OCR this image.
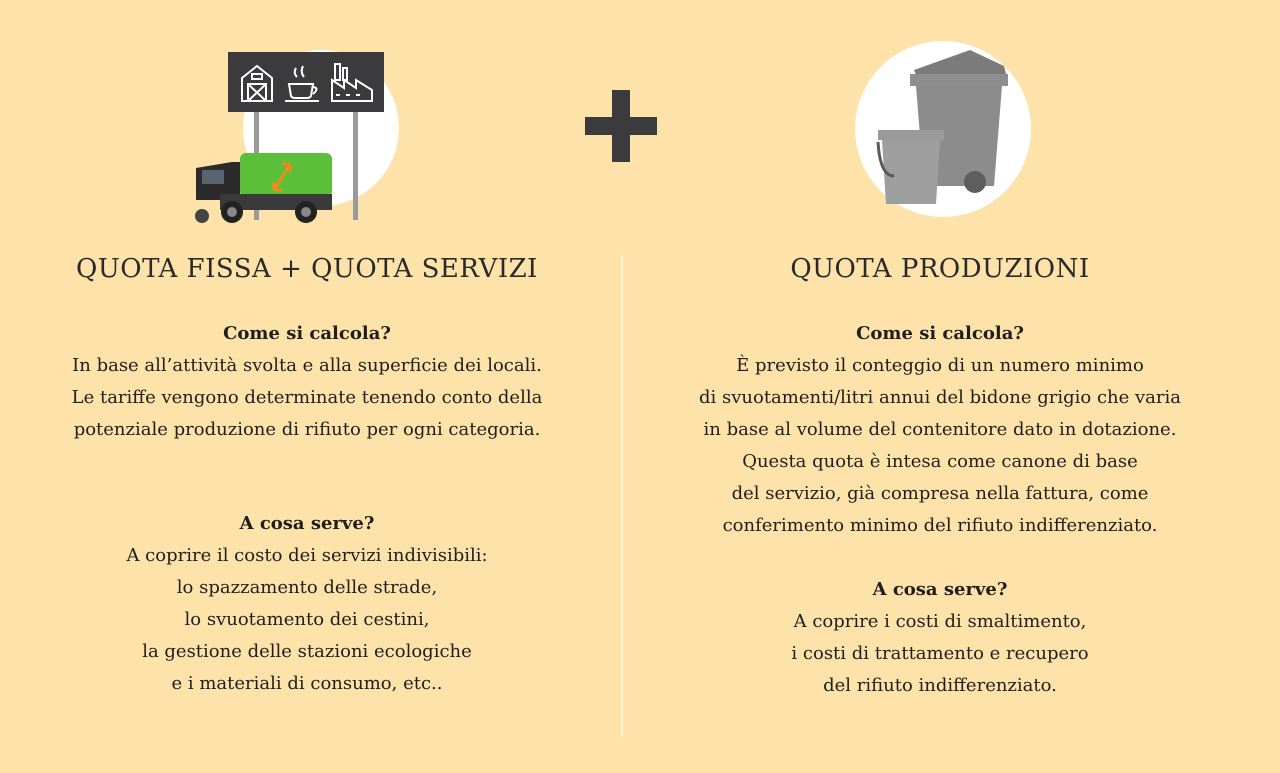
QUOTA FISSA + QUOTA SERVIZI

Come si calcola?

In base all’attività svolta e alla superficie dei locali.

Le tariffe vengono determinate tenendo conto della

potenziale produzione di rifiuto per ogni categoria.

A cosa serve?

A coprire il costo dei servizi indivisibili:

lo spazzamento delle strade,

lo svuotamento dei cestini,

la gestione delle stazioni ecologiche

e i materiali di consumo, etc..

QUOTA PRODUZIONI

Come si calcola?

È previsto il conteggio di un numero minimo

di svuotamenti/litri annui del bidone grigio che varia

in base al volume del contenitore dato in dotazione.

Questa quota è intesa come canone di base

del servizio, già compresa nella fattura, come

conferimento minimo del rifiuto indifferenziato.

A cosa serve?

A coprire i costi di smaltimento,

i costi di trattamento e recupero

del rifiuto indifferenziato.
